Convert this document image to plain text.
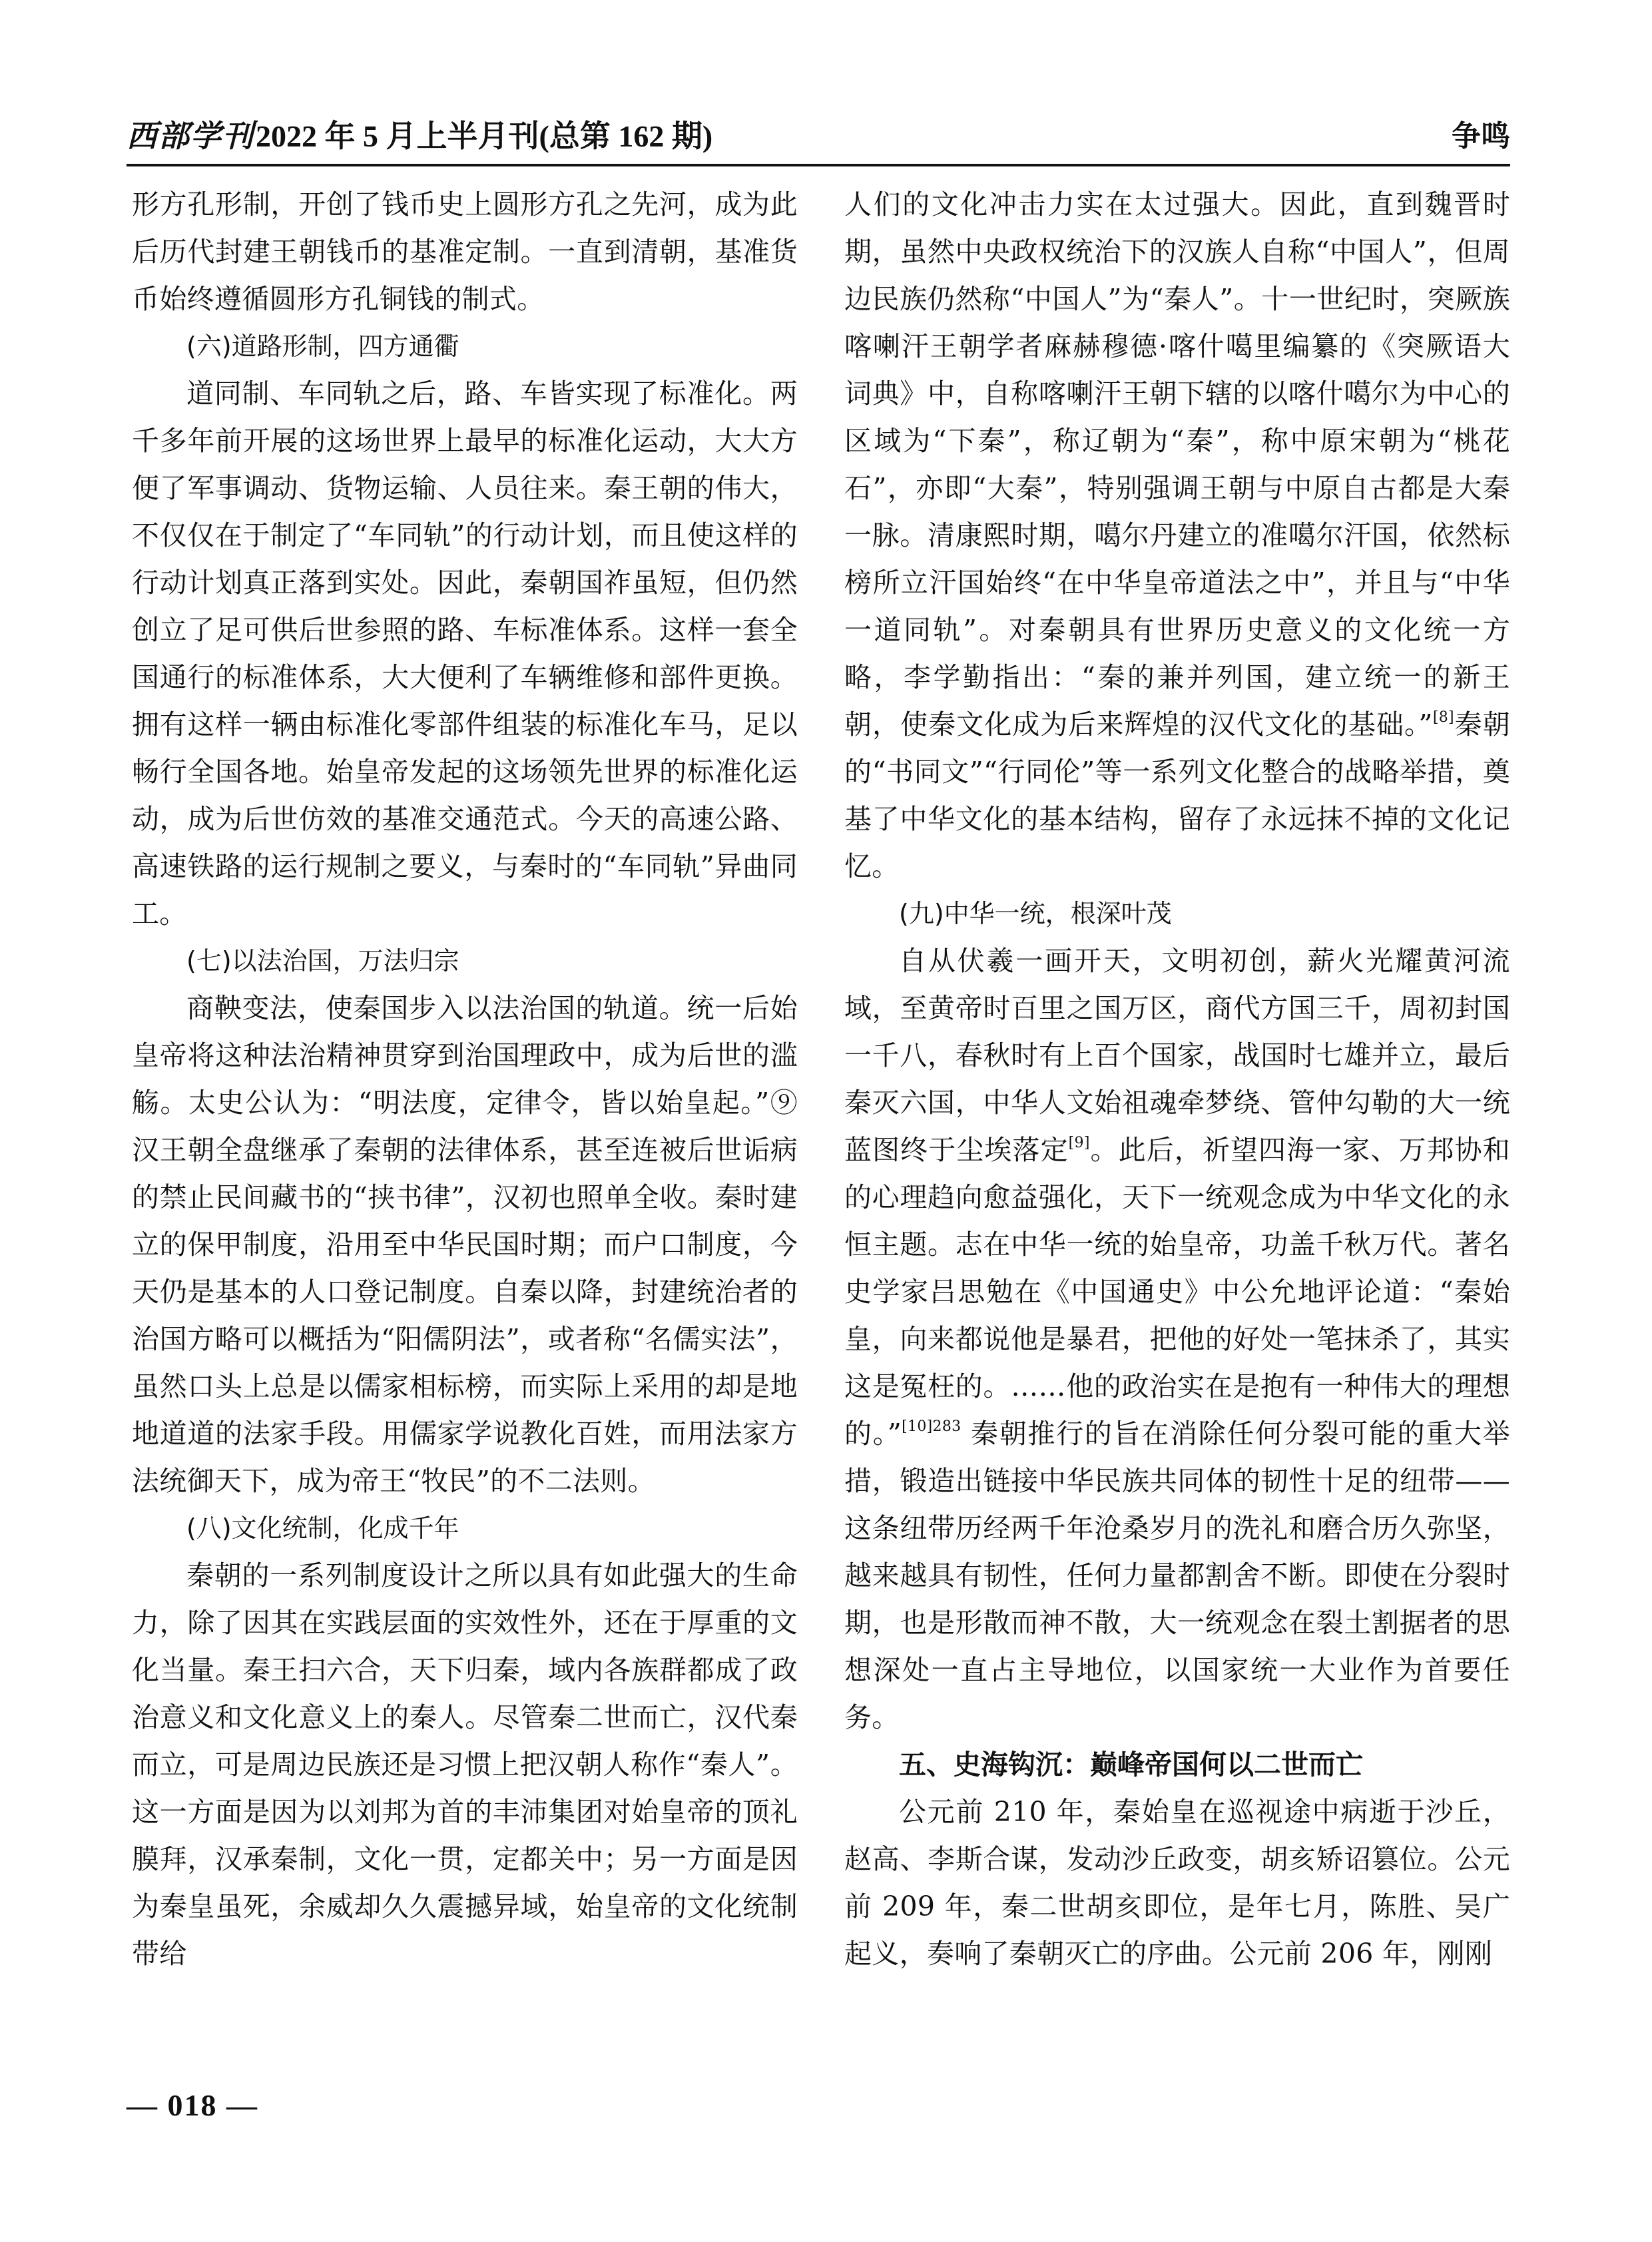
西部学刊2022 年 5 月上半月刊(总第 162 期)	争鸣

形方孔形制，开创了钱币史上圆形方孔之先河，成为此后历代封建王朝钱币的基准定制。一直到清朝，基准货币始终遵循圆形方孔铜钱的制式。

(六)道路形制，四方通衢

道同制、车同轨之后，路、车皆实现了标准化。两千多年前开展的这场世界上最早的标准化运动，大大方便了军事调动、货物运输、人员往来。秦王朝的伟大，不仅仅在于制定了“车同轨”的行动计划，而且使这样的行动计划真正落到实处。因此，秦朝国祚虽短，但仍然创立了足可供后世参照的路、车标准体系。这样一套全国通行的标准体系，大大便利了车辆维修和部件更换。拥有这样一辆由标准化零部件组装的标准化车马，足以畅行全国各地。始皇帝发起的这场领先世界的标准化运动，成为后世仿效的基准交通范式。今天的高速公路、高速铁路的运行规制之要义，与秦时的“车同轨”异曲同工。

(七)以法治国，万法归宗

商鞅变法，使秦国步入以法治国的轨道。统一后始皇帝将这种法治精神贯穿到治国理政中，成为后世的滥觞。太史公认为：“明法度，定律令，皆以始皇起。”⑨汉王朝全盘继承了秦朝的法律体系，甚至连被后世诟病的禁止民间藏书的“挟书律”，汉初也照单全收。秦时建立的保甲制度，沿用至中华民国时期；而户口制度，今天仍是基本的人口登记制度。自秦以降，封建统治者的治国方略可以概括为“阳儒阴法”，或者称“名儒实法”，虽然口头上总是以儒家相标榜，而实际上采用的却是地地道道的法家手段。用儒家学说教化百姓，而用法家方法统御天下，成为帝王“牧民”的不二法则。

(八)文化统制，化成千年

秦朝的一系列制度设计之所以具有如此强大的生命力，除了因其在实践层面的实效性外，还在于厚重的文化当量。秦王扫六合，天下归秦，域内各族群都成了政治意义和文化意义上的秦人。尽管秦二世而亡，汉代秦而立，可是周边民族还是习惯上把汉朝人称作“秦人”。这一方面是因为以刘邦为首的丰沛集团对始皇帝的顶礼膜拜，汉承秦制，文化一贯，定都关中；另一方面是因为秦皇虽死，余威却久久震撼异域，始皇帝的文化统制带给

人们的文化冲击力实在太过强大。因此，直到魏晋时期，虽然中央政权统治下的汉族人自称“中国人”，但周边民族仍然称“中国人”为“秦人”。十一世纪时，突厥族喀喇汗王朝学者麻赫穆德·喀什噶里编纂的《突厥语大词典》中，自称喀喇汗王朝下辖的以喀什噶尔为中心的区域为“下秦”，称辽朝为“秦”，称中原宋朝为“桃花石”，亦即“大秦”，特别强调王朝与中原自古都是大秦一脉。清康熙时期，噶尔丹建立的准噶尔汗国，依然标榜所立汗国始终“在中华皇帝道法之中”，并且与“中华一道同轨”。对秦朝具有世界历史意义的文化统一方略，李学勤指出：“秦的兼并列国，建立统一的新王朝，使秦文化成为后来辉煌的汉代文化的基础。”[8]秦朝的“书同文”“行同伦”等一系列文化整合的战略举措，奠基了中华文化的基本结构，留存了永远抹不掉的文化记忆。

(九)中华一统，根深叶茂

自从伏羲一画开天，文明初创，薪火光耀黄河流域，至黄帝时百里之国万区，商代方国三千，周初封国一千八，春秋时有上百个国家，战国时七雄并立，最后秦灭六国，中华人文始祖魂牵梦绕、管仲勾勒的大一统蓝图终于尘埃落定[9]。此后，祈望四海一家、万邦协和的心理趋向愈益强化，天下一统观念成为中华文化的永恒主题。志在中华一统的始皇帝，功盖千秋万代。著名史学家吕思勉在《中国通史》中公允地评论道：“秦始皇，向来都说他是暴君，把他的好处一笔抹杀了，其实这是冤枉的。……他的政治实在是抱有一种伟大的理想的。”$^{[10]283}$ 秦朝推行的旨在消除任何分裂可能的重大举措，锻造出链接中华民族共同体的韧性十足的纽带——这条纽带历经两千年沧桑岁月的洗礼和磨合历久弥坚，越来越具有韧性，任何力量都割舍不断。即使在分裂时期，也是形散而神不散，大一统观念在裂土割据者的思想深处一直占主导地位，以国家统一大业作为首要任务。

五、史海钩沉：巅峰帝国何以二世而亡

公元前 210 年，秦始皇在巡视途中病逝于沙丘，赵高、李斯合谋，发动沙丘政变，胡亥矫诏篡位。公元前 209 年，秦二世胡亥即位，是年七月，陈胜、吴广起义，奏响了秦朝灭亡的序曲。公元前 206 年，刚刚

— 018 —
